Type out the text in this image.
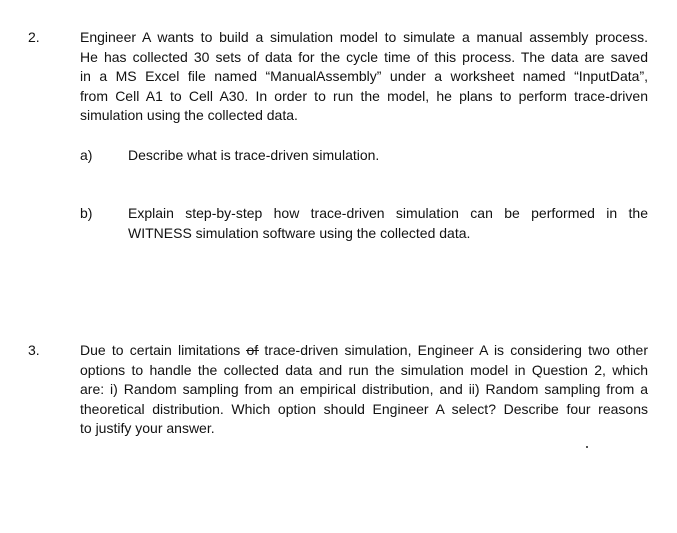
2.	Engineer A wants to build a simulation model to simulate a manual assembly process.
He has collected 30 sets of data for the cycle time of this process. The data are saved
in a MS Excel file named “ManualAssembly” under a worksheet named “InputData”,
from Cell A1 to Cell A30. In order to run the model, he plans to perform trace-driven
simulation using the collected data.
a)	Describe what is trace-driven simulation.
b)	Explain step-by-step how trace-driven simulation can be performed in the
WITNESS simulation software using the collected data.
3.	Due to certain limitations of trace-driven simulation, Engineer A is considering two other
options to handle the collected data and run the simulation model in Question 2, which
are: i) Random sampling from an empirical distribution, and ii) Random sampling from a
theoretical distribution. Which option should Engineer A select? Describe four reasons
to justify your answer.
